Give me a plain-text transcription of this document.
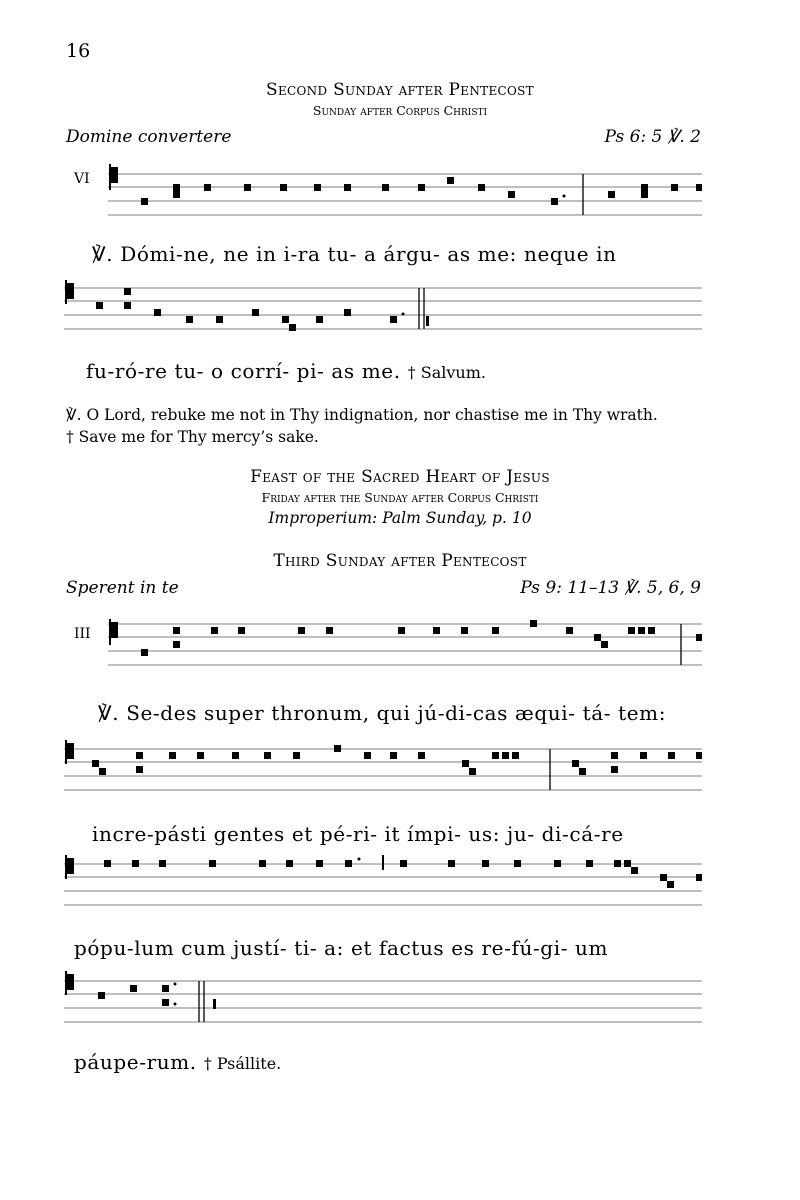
16
Second Sunday after Pentecost
Sunday after Corpus Christi
Domine convertere	Ps 6: 5 ℣. 2
VI
℣. Dómi-ne, ne in i-ra tu- a árgu- as me: neque in
fu-ró-re tu- o corrí- pi- as me. † Salvum.
℣. O Lord, rebuke me not in Thy indignation, nor chastise me in Thy wrath.
† Save me for Thy mercy’s sake.
Feast of the Sacred Heart of Jesus
Friday after the Sunday after Corpus Christi
Improperium: Palm Sunday, p. 10
Third Sunday after Pentecost
Sperent in te	Ps 9: 11–13 ℣. 5, 6, 9
III
℣. Se-des super thronum, qui jú-di-cas æqui- tá- tem:
incre-pásti gentes et pé-ri- it ímpi- us: ju- di-cá-re
pópu-lum cum justí- ti- a: et factus es re-fú-gi- um
páupe-rum. † Psállite.
